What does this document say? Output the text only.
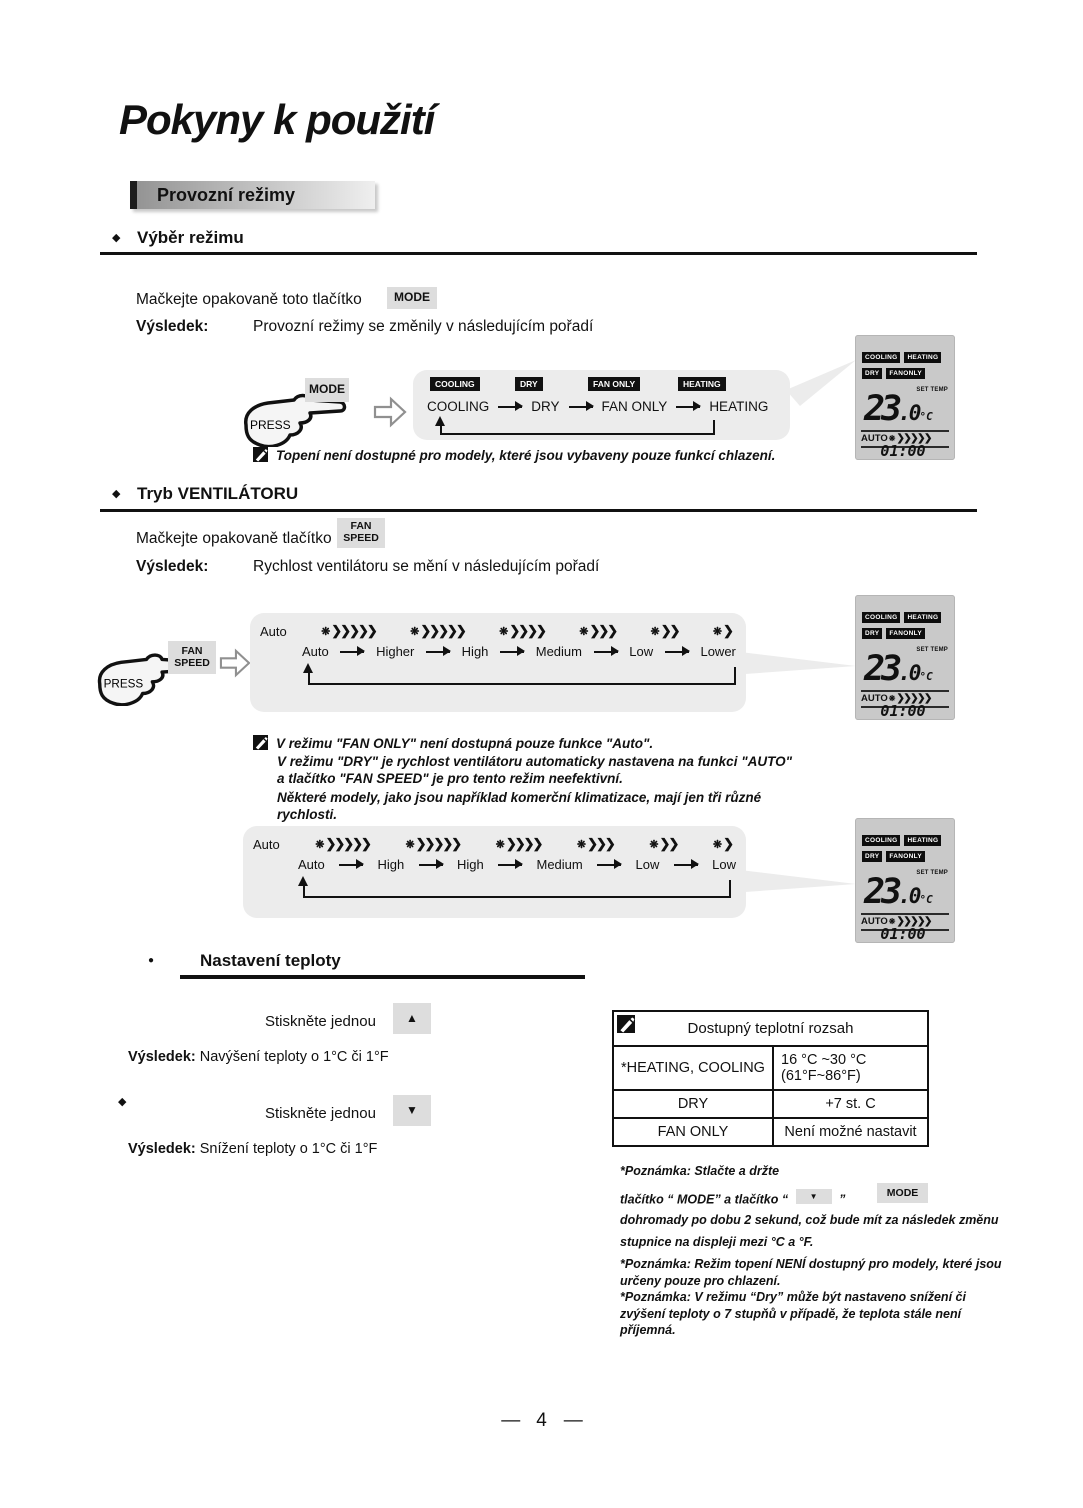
Pokyny k použití
Provozní režimy
◆ Výběr režimu
Mačkejte opakovaně toto tlačítko	MODE
Výsledek:	Provozní režimy se změnily v následujícím pořadí
PRESS
MODE	COOLING	DRY	FAN ONLY	HEATING
COOLING	DRY	FAN ONLY	HEATING
Topení není dostupné pro modely, které jsou vybaveny pouze funkcí chlazení.
COOLING	HEATING
DRY	FANONLY
SET TEMP
23.0°C
AUTO ❋ ❯❯❯❯❯
01:00
◆ Tryb VENTILÁTORU
Mačkejte opakovaně tlačítko
FAN
SPEED
Výsledek:	Rychlost ventilátoru se mění v následujícím pořadí
PRESS
FAN
SPEED
Auto	❋ ❯❯❯❯❯	❋ ❯❯❯❯❯	❋ ❯❯❯❯	❋ ❯❯❯	❋ ❯❯	❋ ❯
Auto	Higher	High	Medium	Low	Lower
COOLING	HEATING
DRY	FANONLY
SET TEMP
23.0°C
AUTO ❋ ❯❯❯❯❯
01:00
V režimu "FAN ONLY" není dostupná pouze funkce "Auto".
V režimu "DRY" je rychlost ventilátoru automaticky nastavena na funkci "AUTO"
a tlačítko "FAN SPEED" je pro tento režim neefektivní.
Některé modely, jako jsou například komerční klimatizace, mají jen tři různé
rychlosti.
Auto	❋ ❯❯❯❯❯	❋ ❯❯❯❯❯	❋ ❯❯❯❯	❋ ❯❯❯	❋ ❯❯	❋ ❯
Auto	High	High	Medium	Low	Low
COOLING	HEATING
DRY	FANONLY
SET TEMP
23.0°C
AUTO ❋ ❯❯❯❯❯
01:00
●	Nastavení teploty
Stiskněte jednou	▲
Výsledek: Navýšení teploty o 1°C či 1°F
◆
Stiskněte jednou	▼
Výsledek: Snížení teploty o 1°C či 1°F
Dostupný teplotní rozsah
*HEATING, COOLING	16 °C ~30 °C
(61°F~86°F)
DRY	+7 st. C
FAN ONLY	Není možné nastavit
*Poznámka: Stlačte a držte
tlačítko “ MODE” a tlačítko “	▼ ”	MODE
dohromady po dobu 2 sekund, což bude mít za následek změnu
stupnice na displeji mezi °C a °F.
*Poznámka: Režim topení NENÍ dostupný pro modely, které jsou
určeny pouze pro chlazení.
*Poznámka: V režimu “Dry” může být nastaveno snížení či
zvýšení teploty o 7 stupňů v případě, že teplota stále není
příjemná.
— 4 —
